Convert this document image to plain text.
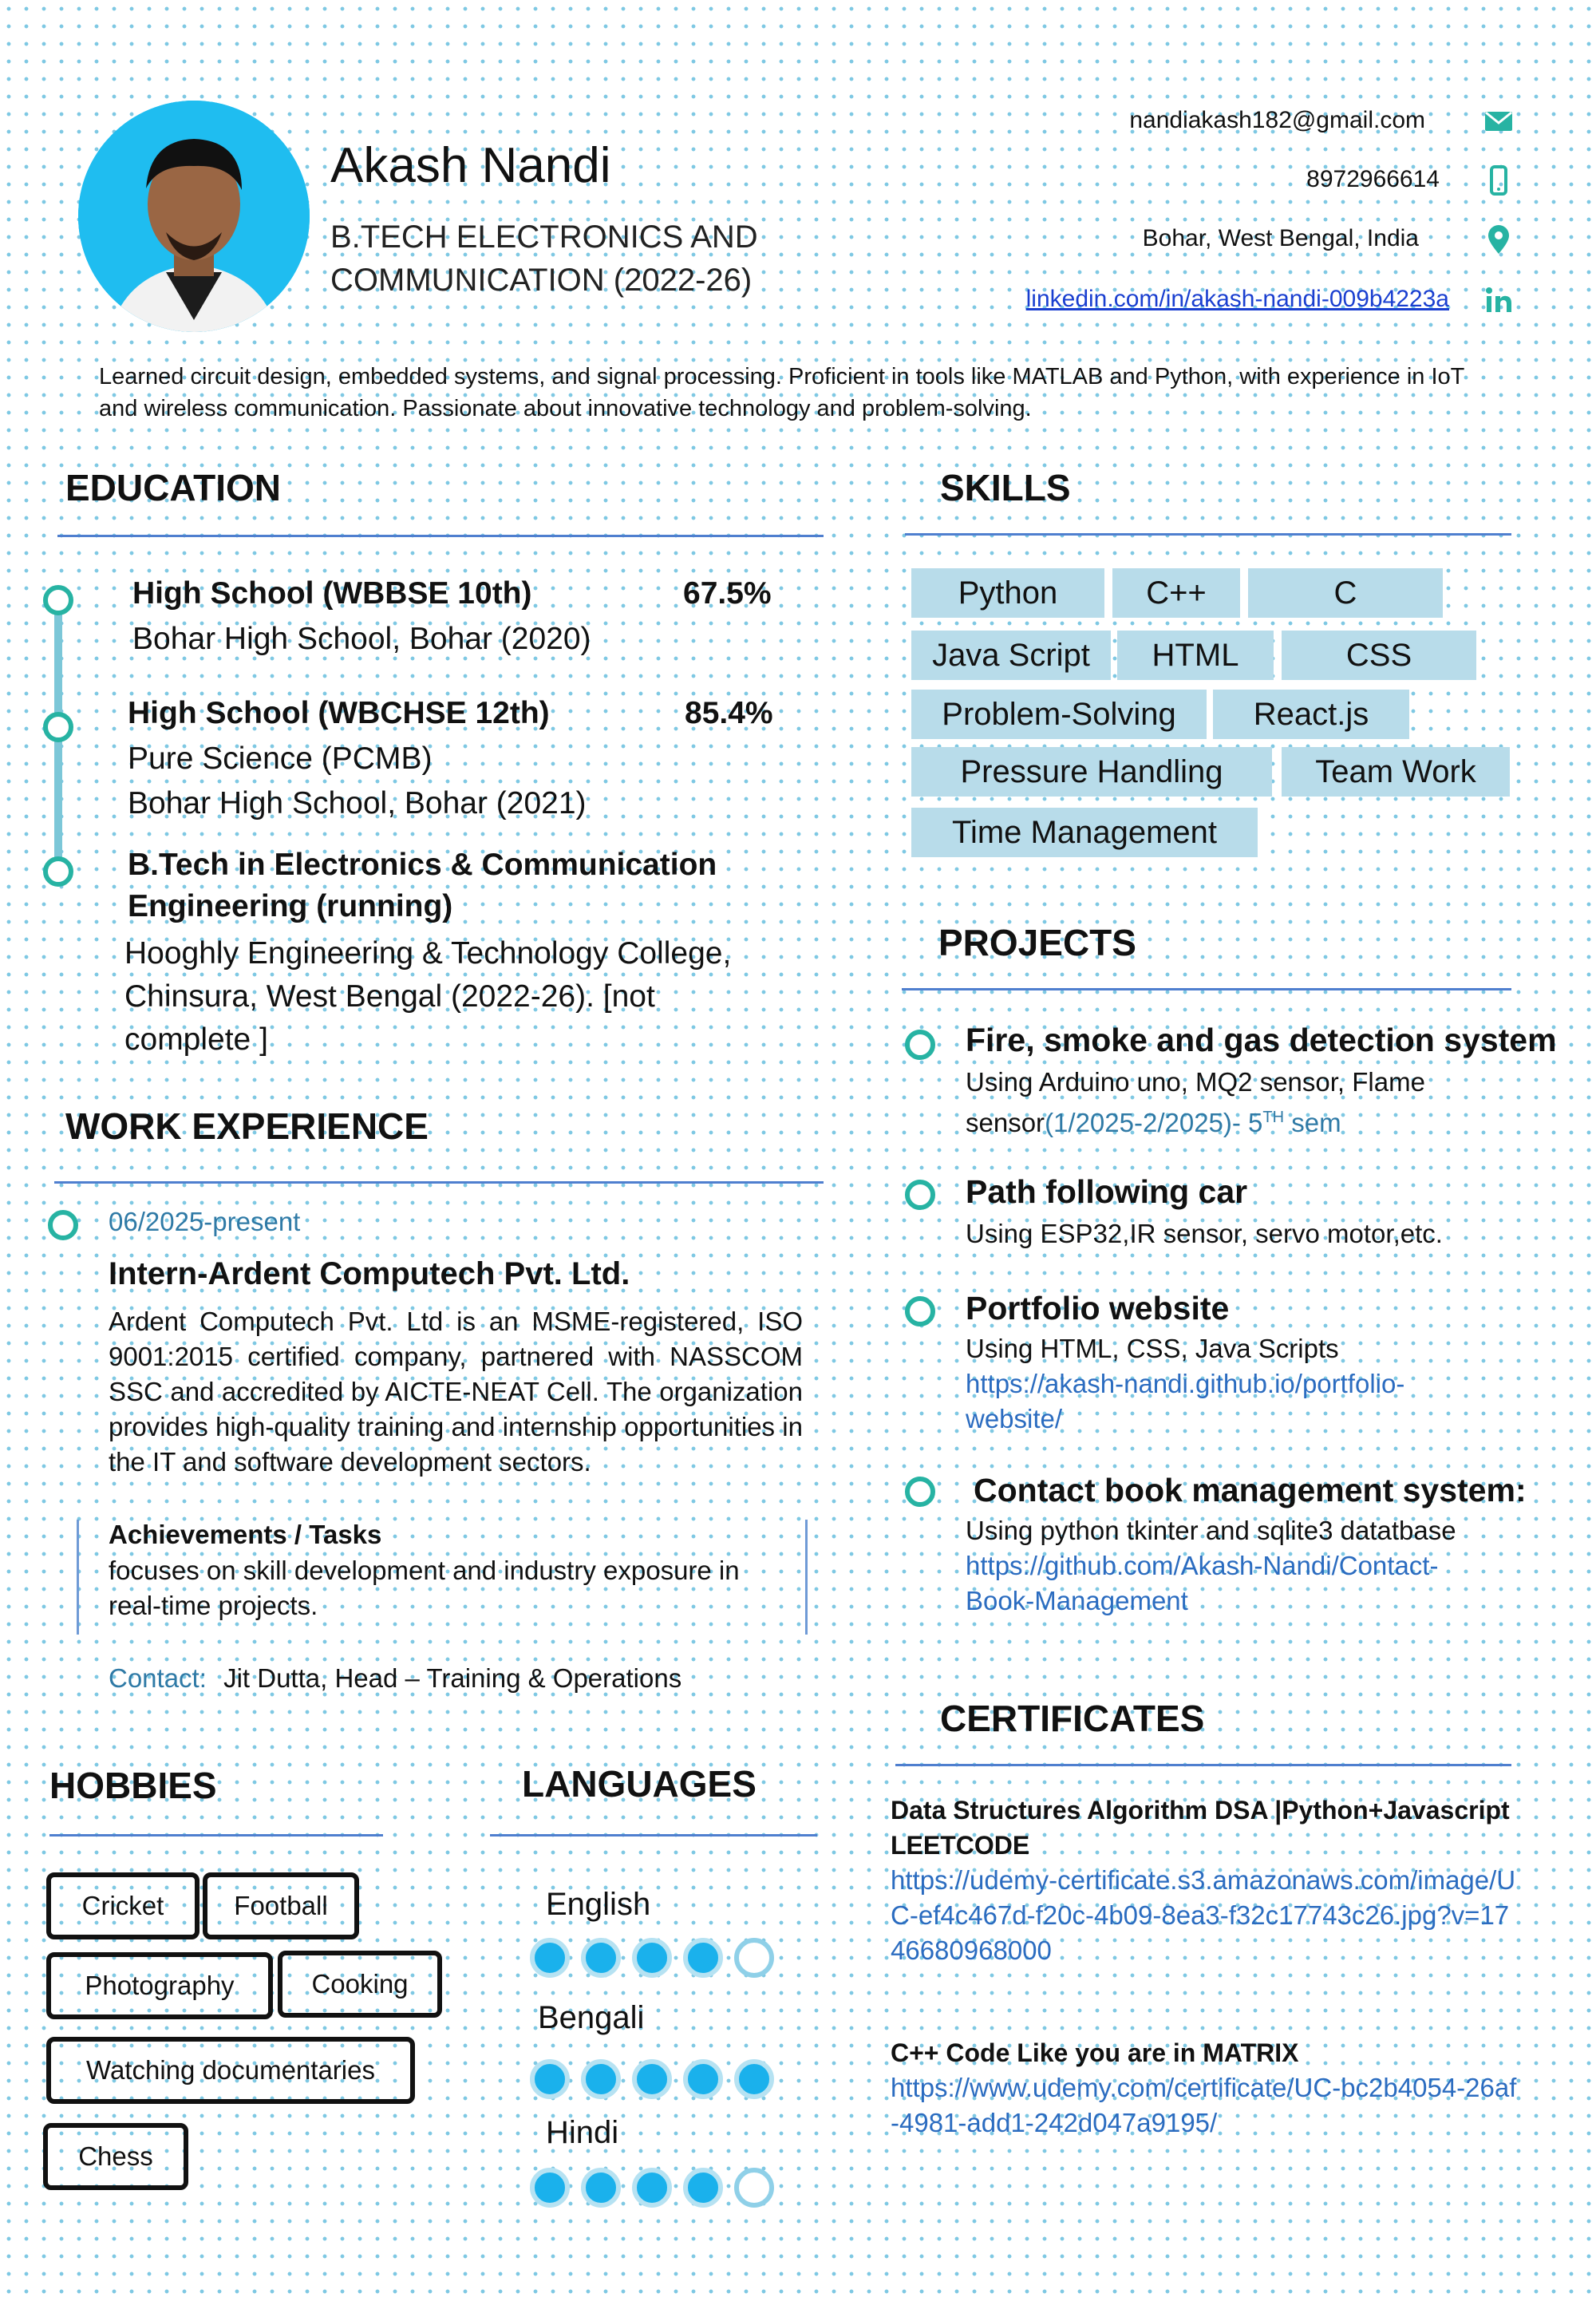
Akash Nandi
B.TECH ELECTRONICS AND
COMMUNICATION (2022-26)
nandiakash182@gmail.com
8972966614
Bohar, West Bengal, India
linkedin.com/in/akash-nandi-009b4223a
Learned circuit design, embedded systems, and signal processing. Proficient in tools like MATLAB and Python, with experience in IoT and wireless communication. Passionate about innovative technology and problem-solving.
EDUCATION
High School (WBBSE 10th)	67.5%
Bohar High School, Bohar (2020)
High School (WBCHSE 12th)	85.4%
Pure Science (PCMB)
Bohar High School, Bohar (2021)
B.Tech in Electronics & Communication
Engineering (running)
Hooghly Engineering & Technology College,
Chinsura, West Bengal (2022-26). [not
complete ]
WORK EXPERIENCE
06/2025-present
Intern-Ardent Computech Pvt. Ltd.
Ardent Computech Pvt. Ltd is an MSME-registered, ISO 9001:2015 certified company, partnered with NASSCOM SSC and accredited by AICTE-NEAT Cell. The organization provides high-quality training and internship opportunities in the IT and software development sectors.
Achievements / Tasks
focuses on skill development and industry exposure in real-time projects.
Contact: Jit Dutta, Head – Training & Operations
SKILLS
Python	C++	C
Java Script	HTML	CSS
Problem-Solving	React.js
Pressure Handling	Team Work
Time Management
PROJECTS
Fire, smoke and gas detection system
Using Arduino uno, MQ2 sensor, Flame
sensor(1/2025-2/2025)- 5TH sem
Path following car
Using ESP32,IR sensor, servo motor,etc.
Portfolio website
Using HTML, CSS, Java Scripts
https://akash-nandi.github.io/portfolio-
website/
Contact book management system:
Using python tkinter and sqlite3 datatbase
https://github.com/Akash-Nandi/Contact-
Book-Management
CERTIFICATES
Data Structures Algorithm DSA |Python+Javascript
LEETCODE
https://udemy-certificate.s3.amazonaws.com/image/UC-ef4c467d-f20c-4b09-8ea3-f32c17743c26.jpg?v=1746680968000
C++ Code Like you are in MATRIX
https://www.udemy.com/certificate/UC-bc2b4054-26af-4981-add1-242d047a9195/
HOBBIES
Cricket	Football
Photography	Cooking
Watching documentaries
Chess
LANGUAGES
English
Bengali
Hindi
